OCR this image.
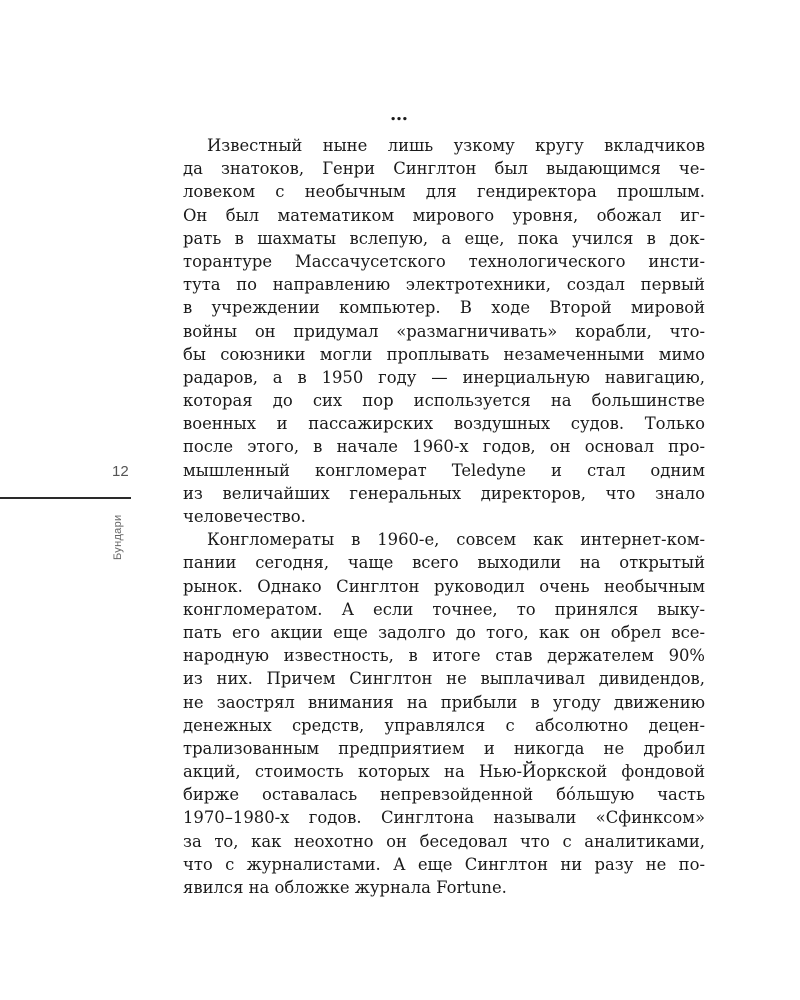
…
Известный ныне лишь узкому кругу вкладчиков
да знатоков, Генри Синглтон был выдающимся че-
ловеком с необычным для гендиректора прошлым.
Он был математиком мирового уровня, обожал иг-
рать в шахматы вслепую, а еще, пока учился в док-
торантуре Массачусетского технологического инсти-
тута по направлению электротехники, создал первый
в учреждении компьютер. В ходе Второй мировой
войны он придумал «размагничивать» корабли, что-
бы союзники могли проплывать незамеченными мимо
радаров, а в 1950 году — инерциальную навигацию,
которая до сих пор используется на большинстве
военных и пассажирских воздушных судов. Только
после этого, в начале 1960-х годов, он основал про-
мышленный конгломерат Teledyne и стал одним
из величайших генеральных директоров, что знало
человечество.
Конгломераты в 1960-е, совсем как интернет-ком-
пании сегодня, чаще всего выходили на открытый
рынок. Однако Синглтон руководил очень необычным
конгломератом. А если точнее, то принялся выку-
пать его акции еще задолго до того, как он обрел все-
народную известность, в итоге став держателем 90%
из них. Причем Синглтон не выплачивал дивидендов,
не заострял внимания на прибыли в угоду движению
денежных средств, управлялся с абсолютно децен-
трализованным предприятием и никогда не дробил
акций, стоимость которых на Нью-Йоркской фондовой
бирже оставалась непревзойденной бóльшую часть
1970–1980-х годов. Синглтона называли «Сфинксом»
за то, как неохотно он беседовал что с аналитиками,
что с журналистами. А еще Синглтон ни разу не по-
явился на обложке журнала Fortune.
12
Бундари
